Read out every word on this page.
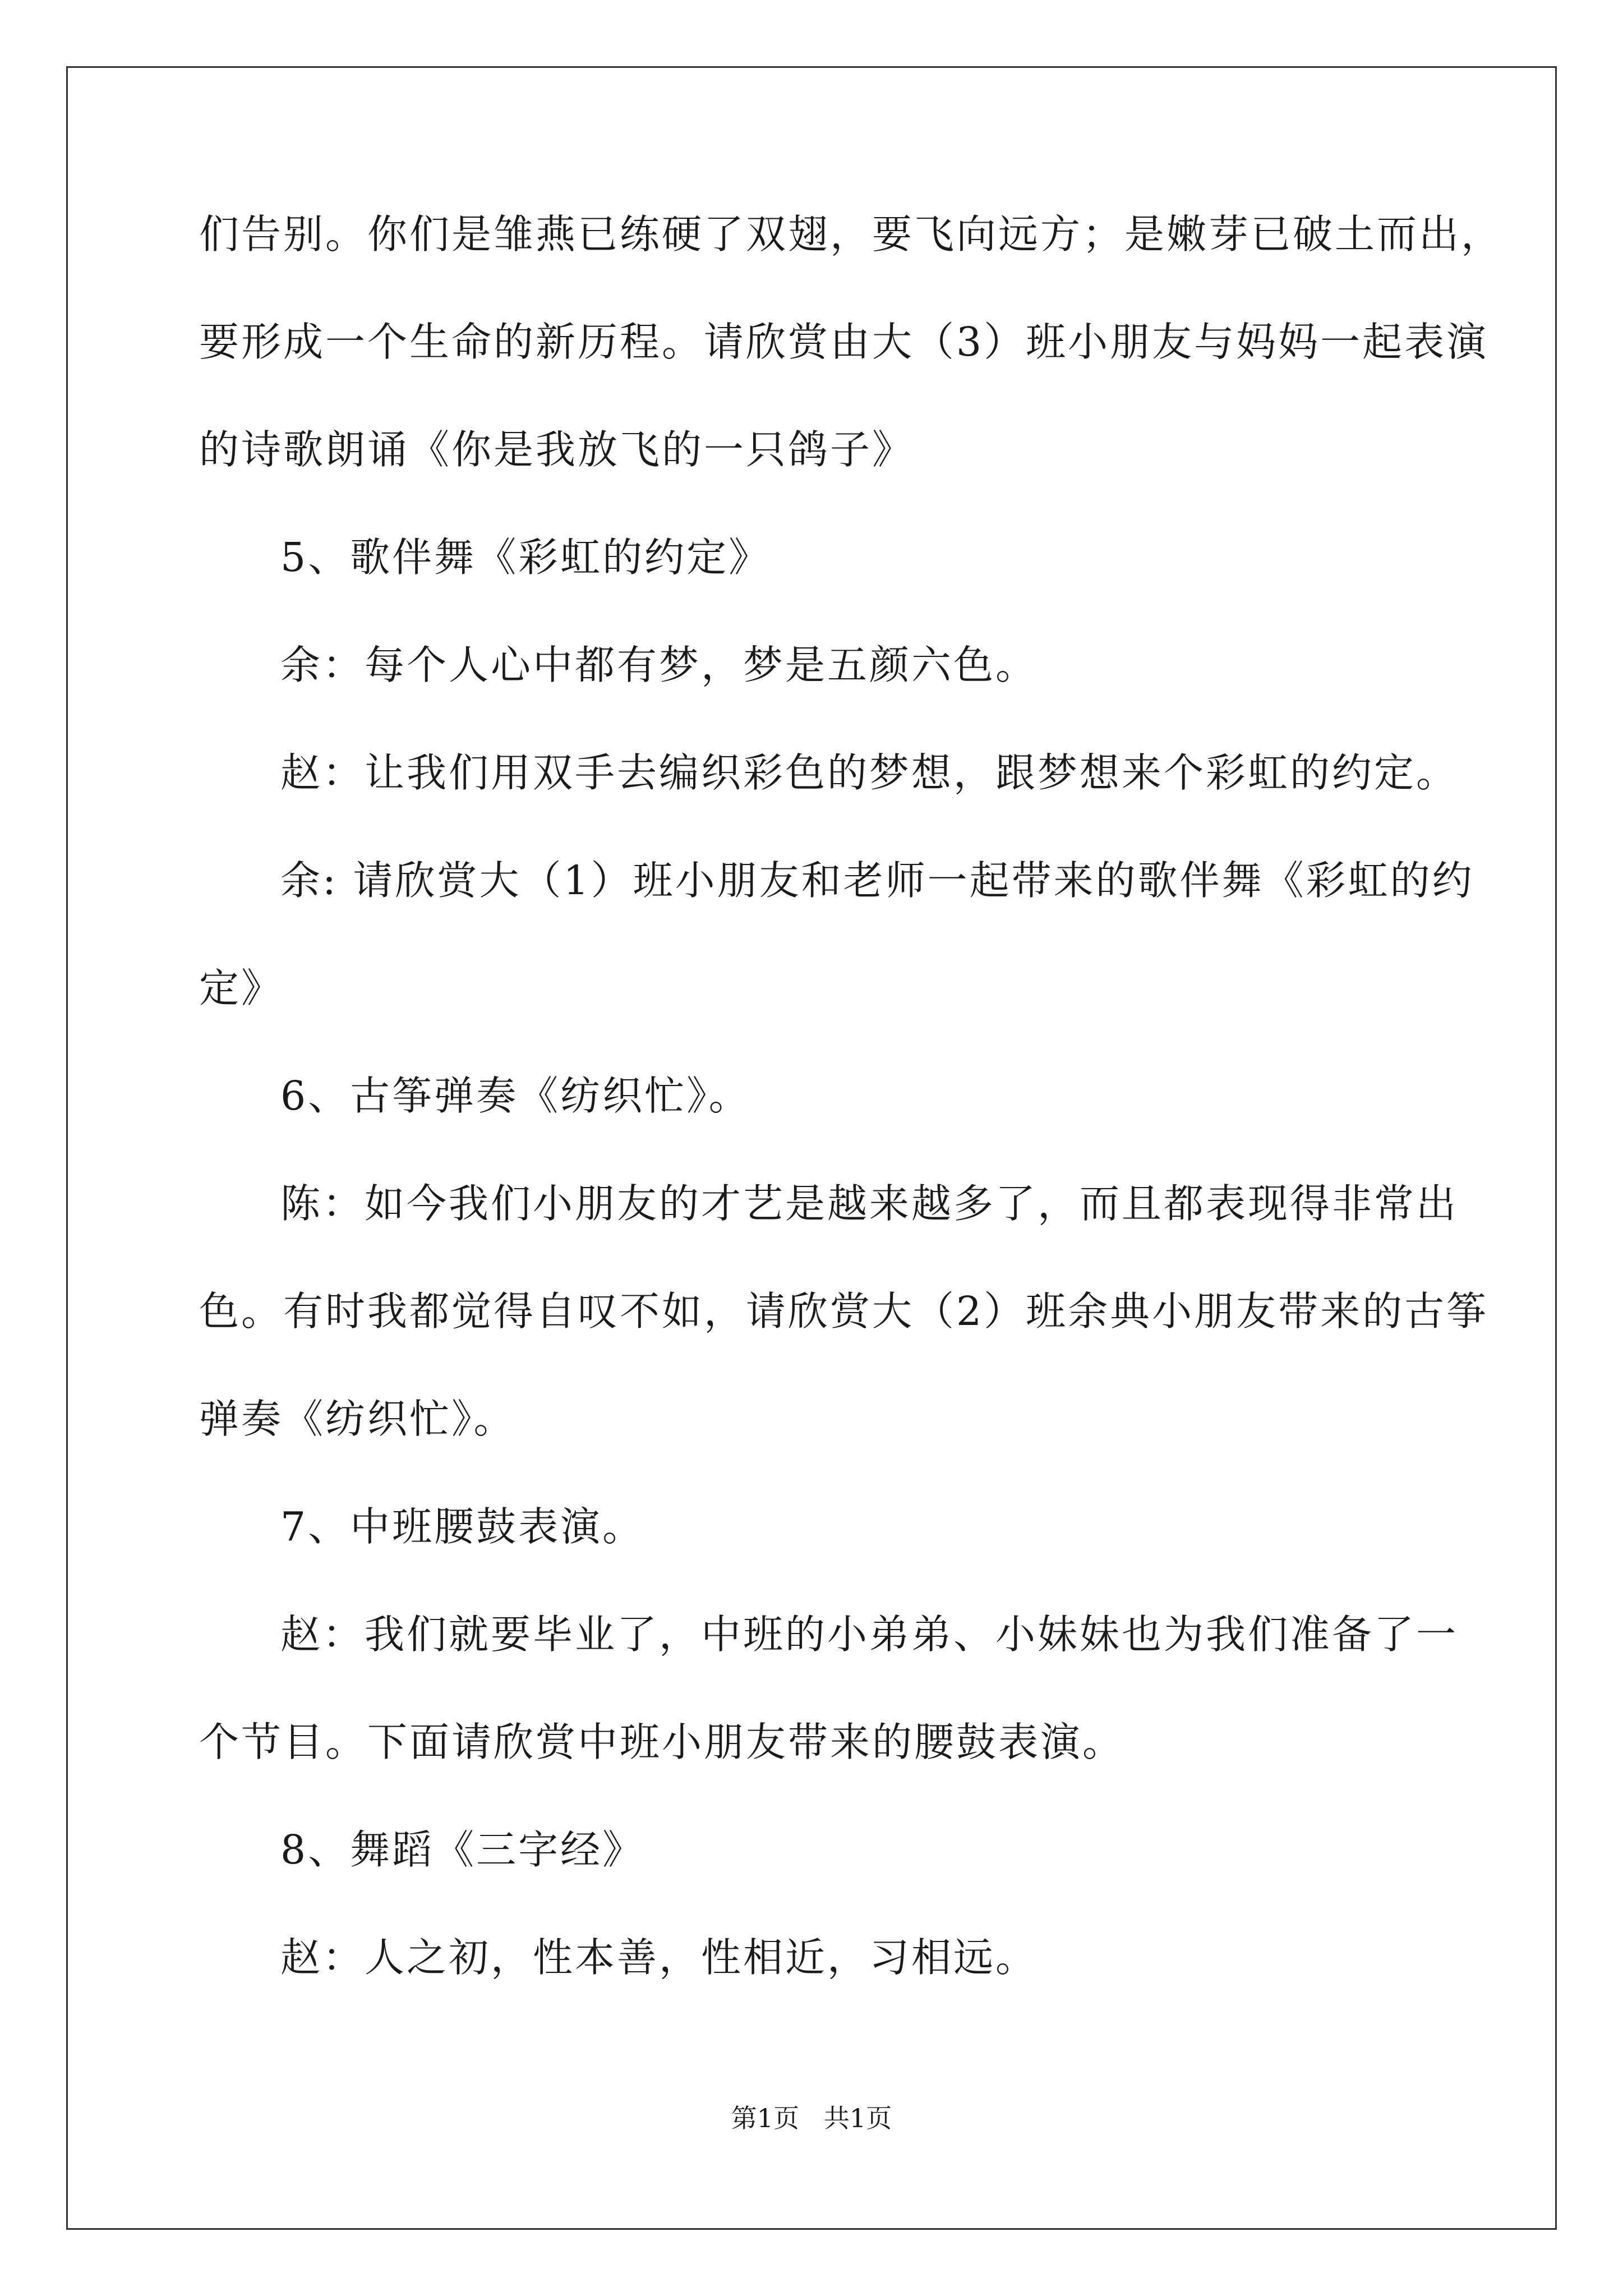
们告别。你们是雏燕已练硬了双翅，要飞向远方；是嫩芽已破土而出，
要形成一个生命的新历程。请欣赏由大（3）班小朋友与妈妈一起表演
的诗歌朗诵《你是我放飞的一只鸽子》
5、歌伴舞《彩虹的约定》
余：每个人心中都有梦，梦是五颜六色。
赵：让我们用双手去编织彩色的梦想，跟梦想来个彩虹的约定。
余: 请欣赏大（1）班小朋友和老师一起带来的歌伴舞《彩虹的约
定》
6、古筝弹奏《纺织忙》。
陈：如今我们小朋友的才艺是越来越多了，而且都表现得非常出
色。有时我都觉得自叹不如，请欣赏大（2）班余典小朋友带来的古筝
弹奏《纺织忙》。
7、中班腰鼓表演。
赵：我们就要毕业了，中班的小弟弟、小妹妹也为我们准备了一
个节目。下面请欣赏中班小朋友带来的腰鼓表演。
8、舞蹈《三字经》
赵：人之初，性本善，性相近，习相远。
第1页   共1页
